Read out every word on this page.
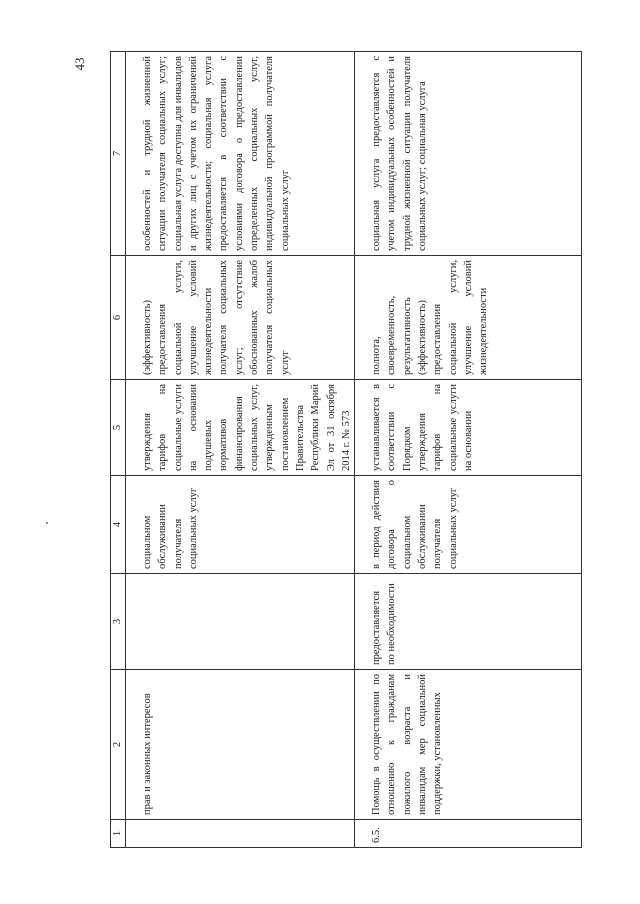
43
1	2	3	4	5	6	7
	прав и законных интересов		социальном обслуживании получателя социальных услуг	утверждения тарифов на социальные услуги на основании подушевых нормативов финансирования социальных услуг, утвержденным постановлением Правительства Республики Марий Эл от 31 октября 2014 г. № 573	(эффективность) предоставления социальной услуги, улучшение условий жизнедеятельности получателя социальных услуг; отсутствие обоснованных жалоб получателя социальных услуг	особенностей и трудной жизненной ситуации получателя социальных услуг; социальная услуга доступна для инвалидов и других лиц с учетом их ограничений жизнедеятельности; социальная услуга предоставляется в соответствии с условиями договора о предоставлении определенных социальных услуг, индивидуальной программой получателя социальных услуг
6.5.	Помощь в осуществлении по отношению к гражданам пожилого возраста и инвалидам мер социальной поддержки, установленных	предоставляется по необходимости	в период действия договора о социальном обслуживании получателя социальных услуг	устанавливается в соответствии с Порядком утверждения тарифов на социальные услуги на основании	полнота, своевременность, результативность (эффективность) предоставления социальной услуги, улучшение условий жизнедеятельности	социальная услуга предоставляется с учетом индивидуальных особенностей и трудной жизненной ситуации получателя социальных услуг; социальная услуга
